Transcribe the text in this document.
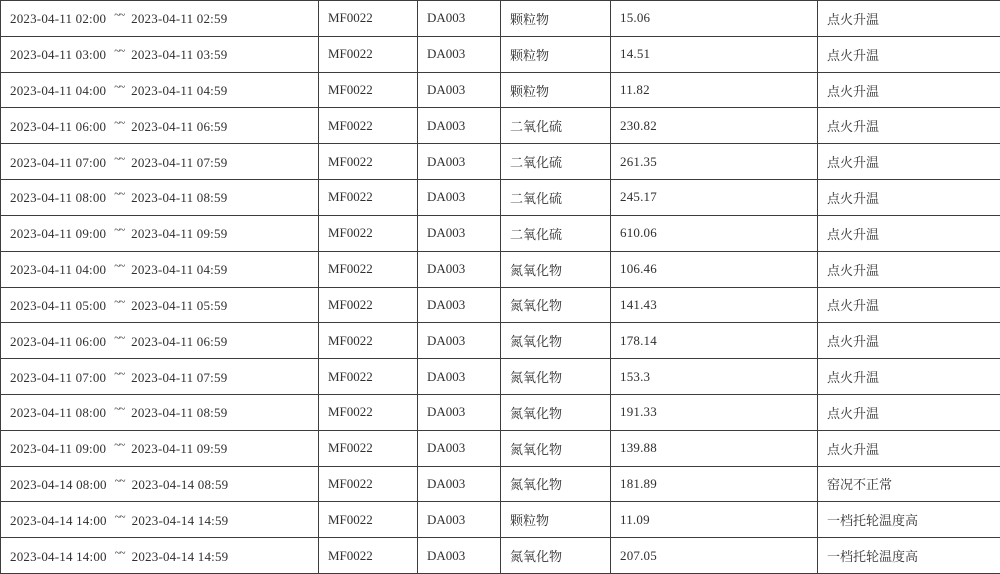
2023-04-11 02:00 ~~ 2023-04-11 02:59	MF0022	DA003	颗粒物	15.06	点火升温
2023-04-11 03:00 ~~ 2023-04-11 03:59	MF0022	DA003	颗粒物	14.51	点火升温
2023-04-11 04:00 ~~ 2023-04-11 04:59	MF0022	DA003	颗粒物	11.82	点火升温
2023-04-11 06:00 ~~ 2023-04-11 06:59	MF0022	DA003	二氧化硫	230.82	点火升温
2023-04-11 07:00 ~~ 2023-04-11 07:59	MF0022	DA003	二氧化硫	261.35	点火升温
2023-04-11 08:00 ~~ 2023-04-11 08:59	MF0022	DA003	二氧化硫	245.17	点火升温
2023-04-11 09:00 ~~ 2023-04-11 09:59	MF0022	DA003	二氧化硫	610.06	点火升温
2023-04-11 04:00 ~~ 2023-04-11 04:59	MF0022	DA003	氮氧化物	106.46	点火升温
2023-04-11 05:00 ~~ 2023-04-11 05:59	MF0022	DA003	氮氧化物	141.43	点火升温
2023-04-11 06:00 ~~ 2023-04-11 06:59	MF0022	DA003	氮氧化物	178.14	点火升温
2023-04-11 07:00 ~~ 2023-04-11 07:59	MF0022	DA003	氮氧化物	153.3	点火升温
2023-04-11 08:00 ~~ 2023-04-11 08:59	MF0022	DA003	氮氧化物	191.33	点火升温
2023-04-11 09:00 ~~ 2023-04-11 09:59	MF0022	DA003	氮氧化物	139.88	点火升温
2023-04-14 08:00 ~~ 2023-04-14 08:59	MF0022	DA003	氮氧化物	181.89	窑况不正常
2023-04-14 14:00 ~~ 2023-04-14 14:59	MF0022	DA003	颗粒物	11.09	一档托轮温度高
2023-04-14 14:00 ~~ 2023-04-14 14:59	MF0022	DA003	氮氧化物	207.05	一档托轮温度高
